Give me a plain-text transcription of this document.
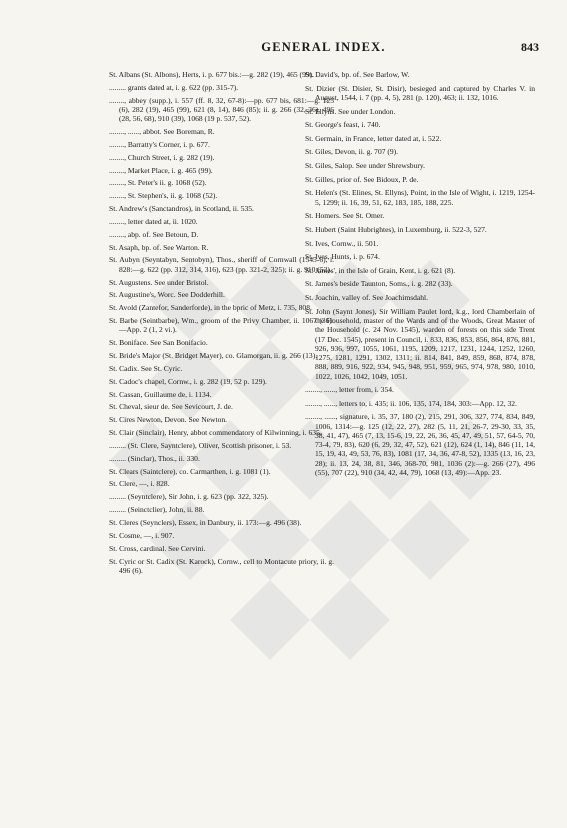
GENERAL INDEX.	843

St. Albans (St. Albons), Herts, i. p. 677 bis.:—g. 282 (19), 465 (99).

......... grants dated at, i. g. 622 (pp. 315-7).

........, abbey (supp.), i. 557 (ff. 8, 32, 67-8):—pp. 677 bis, 681:—g. 125 (6), 282 (19), 465 (99), 621 (8, 14), 846 (85); ii. g. 266 (32, 36), 496 (28, 56, 68), 910 (39), 1068 (19 p. 537, 52).

........, ......, abbot. See Boreman, R.

........, Barratty's Corner, i. p. 677.

........, Church Street, i. g. 282 (19).

........, Market Place, i. g. 465 (99).

........, St. Peter's ii. g. 1068 (52).

........, St. Stephen's, ii. g. 1068 (52).

St. Andrew's (Sanctandros), in Scotland, ii. 535.

........, letter dated at, ii. 1020.

........, abp. of. See Betoun, D.

St. Asaph, bp. of. See Warton. R.

St. Aubyn (Seyntabyn, Sentobyn), Thos., sheriff of Cornwall (1545-6), i. 828:—g. 622 (pp. 312, 314, 316), 623 (pp. 321-2, 325); ii. g. 910 (52).

St. Augustens. See under Bristol.

St. Augustine's, Worc. See Dodderhill.

St. Avold (Zantefor, Sanderforde), in the bpric of Metz, i. 735, 808.

St. Barbe (Seintbarbe), Wm., groom of the Privy Chamber, ii. 1067 (36):—App. 2 (1, 2 vi.).

St. Boniface. See San Bonifacio.

St. Bride's Major (St. Bridget Mayer), co. Glamorgan, ii. g. 266 (13).

St. Cadix. See St. Cyric.

St. Cadoc's chapel, Cornw., i. g. 282 (19, 52 p. 129).

St. Cassan, Guillaume de, i. 1134.

St. Cheval, sieur de. See Sevicourt, J. de.

St. Cires Newton, Devon. See Newton.

St. Clair (Sinclair), Henry, abbot commendatory of Kilwinning, i. 635.

......... (St. Clere, Sayntclere), Oliver, Scottish prisoner, i. 53.

......... (Sinclar), Thos., ii. 330.

St. Clears (Saintclere), co. Carmarthen, i. g. 1081 (1).

St. Clere, —, i. 828.

......... (Seyntclere), Sir John, i. g. 623 (pp. 322, 325).

......... (Seinctclier), John, ii. 88.

St. Cleres (Seynclers), Essex, in Danbury, ii. 173:—g. 496 (38).

St. Cosme, —, i. 907.

St. Cross, cardinal. See Cervini.

St. Cyric or St. Cadix (St. Karock), Cornw., cell to Montacute priory, ii. g. 496 (6).

St. David's, bp. of. See Barlow, W.

St. Dizier (St. Disier, St. Disir), besieged and captured by Charles V. in August, 1544, i. 7 (pp. 4, 5), 281 (p. 120), 463; ii. 132, 1016.

St. Ellyns. See under London.

St. George's feast, i. 740.

St. Germain, in France, letter dated at, i. 522.

St. Giles, Devon, ii. g. 707 (9).

St. Giles, Salop. See under Shrewsbury.

St. Gilles, prior of. See Bidoux, P. de.

St. Helen's (St. Elines, St. Ellyns), Point, in the Isle of Wight, i. 1219, 1254-5, 1299; ii. 16, 39, 51, 62, 183, 185, 188, 225.

St. Homers. See St. Omer.

St. Hubert (Saint Hubrightes), in Luxemburg, ii. 522-3, 527.

St. Ives, Cornw., ii. 501.

St. Ives, Hunts, i. p. 674.

St. James', in the Isle of Grain, Kent, i. g. 621 (8).

St. James's beside Taunton, Soms., i. g. 282 (33).

St. Joachin, valley of. See Joachimsdahl.

St. John (Saynt Jones), Sir William Paulet lord, k.g., lord Chamberlain of the Household, master of the Wards and of the Woods, Great Master of the Household (c. 24 Nov. 1545), warden of forests on this side Trent (17 Dec. 1545), present in Council, i. 833, 836, 853, 856, 864, 876, 881, 926, 936, 997, 1055, 1061, 1195, 1209, 1217, 1231, 1244, 1252, 1260, 1275, 1281, 1291, 1302, 1311; ii. 814, 841, 849, 859, 868, 874, 878, 888, 889, 916, 922, 934, 945, 948, 951, 959, 965, 974, 978, 980, 1010, 1022, 1026, 1042, 1049, 1051.

........, ......, letter from, i. 354.

........, ......, letters to, i. 435; ii. 106, 135, 174, 184, 303:—App. 12, 32.

........, ......, signature, i. 35, 37, 180 (2), 215, 291, 306, 327, 774, 834, 849, 1006, 1314:—g. 125 (12, 22, 27), 282 (5, 11, 21, 26-7, 29-30, 33, 35, 38, 41, 47), 465 (7, 13, 15-6, 19, 22, 26, 36, 45, 47, 49, 51, 57, 64-5, 70, 73-4, 79, 83), 620 (6, 29, 32, 47, 52), 621 (12), 624 (1, 14), 846 (11, 14, 15, 19, 43, 49, 53, 76, 83), 1081 (17, 34, 36, 47-8, 52), 1335 (13, 16, 23, 28); ii. 13, 24, 38, 81, 346, 368-70, 981, 1036 (2):—g. 266 (27), 496 (55), 707 (22), 910 (34, 42, 44, 79), 1068 (13, 49):—App. 23.
